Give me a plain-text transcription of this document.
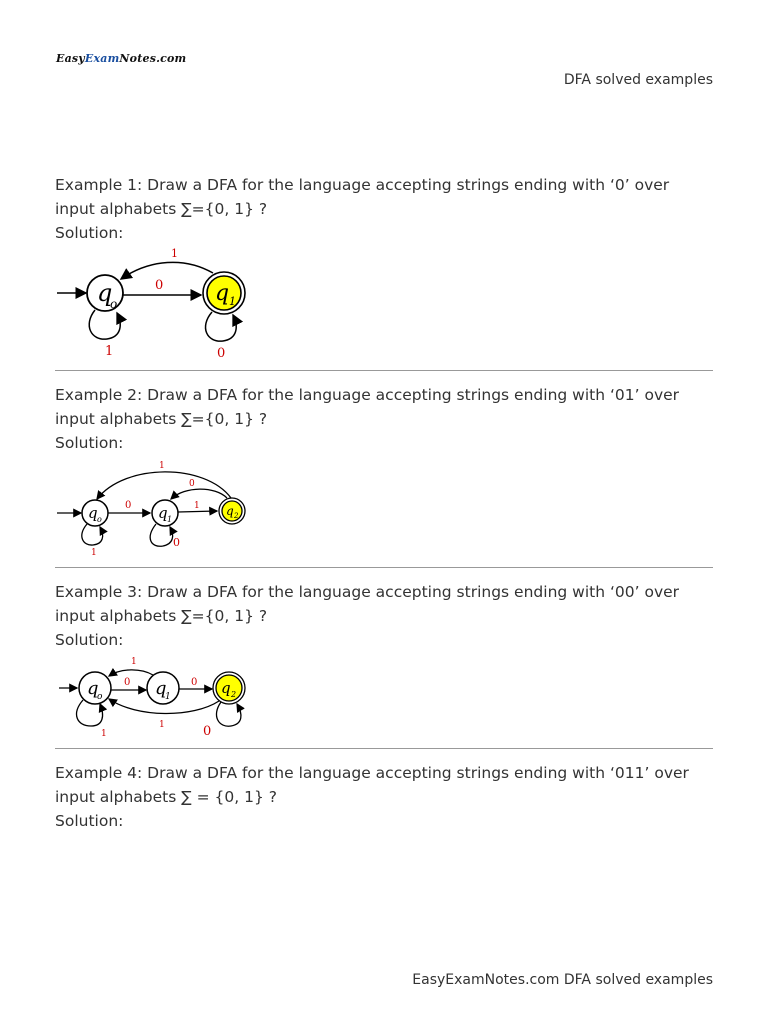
EasyExamNotes.com
DFA solved examples

Example 1: Draw a DFA for the language accepting strings ending with ‘0’ over

input alphabets ∑={0, 1} ?

Solution:

q
o	q 1
0
1
1	0

Example 2: Draw a DFA for the language accepting strings ending with ‘01’ over

input alphabets ∑={0, 1} ?

Solution:

q o	q 1
q 2
0	1
0
1
1
0

Example 3: Draw a DFA for the language accepting strings ending with ‘00’ over

input alphabets ∑={0, 1} ?

Solution:

q
o	q
1	q 2
0
1
0
1
1	0

Example 4: Draw a DFA for the language accepting strings ending with ‘011’ over

input alphabets ∑ = {0, 1} ?

Solution:

EasyExamNotes.com DFA solved examples
